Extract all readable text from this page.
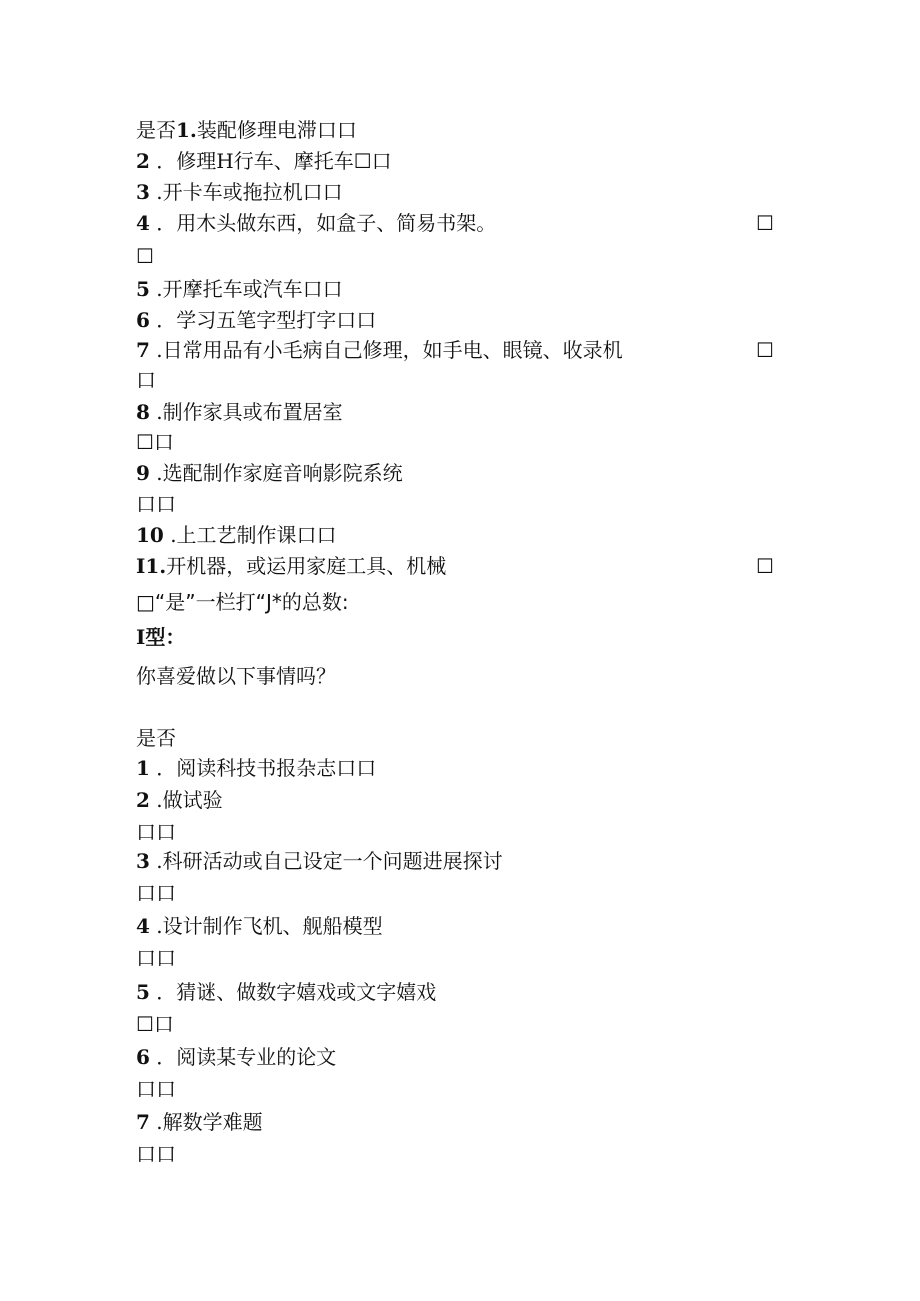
是否1.装配修理电滞口口
2 ．修理H行车、摩托车☐口
3 .开卡车或拖拉机口口
4 ．用木头做东西，如盒子、简易书架。	☐
☐
5 .开摩托车或汽车口口
6 ．学习五笔字型打字口口
7 .日常用品有小毛病自己修理，如手电、眼镜、收录机	☐
口
8 .制作家具或布置居室
☐口
9 .选配制作家庭音响影院系统
口口
10 .上工艺制作课口口
I1.开机器，或运用家庭工具、机械	☐
□“是”一栏打“J*的总数:
I型：
你喜爱做以下事情吗？
是否
1 ．阅读科技书报杂志口口
2 .做试验
口口
3 .科研活动或自己设定一个问题进展探讨
口口
4 .设计制作飞机、舰船模型
口口
5 ．猜谜、做数字嬉戏或文字嬉戏
☐口
6 ．阅读某专业的论文
口口
7 .解数学难题
口口
